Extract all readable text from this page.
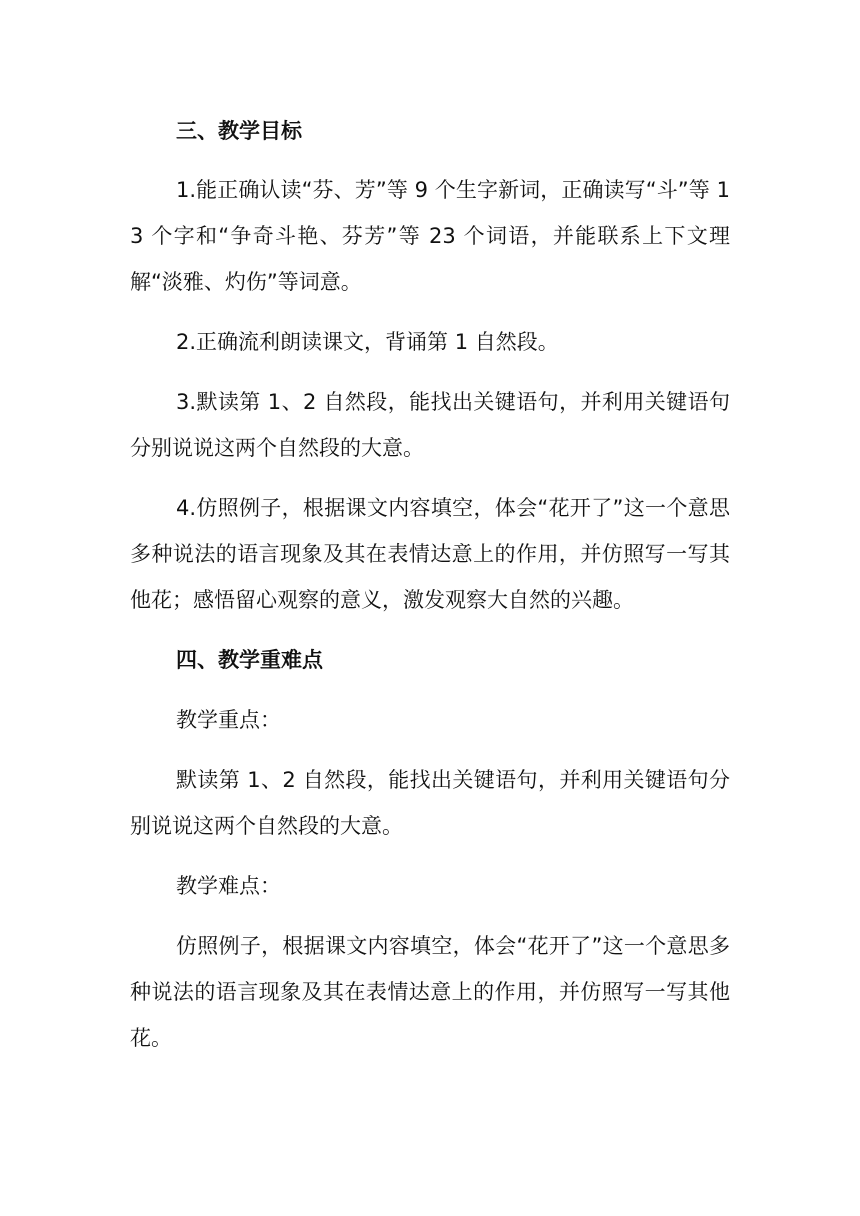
三、教学目标

1.能正确认读“芬、芳”等 9 个生字新词，正确读写“斗”等 13 个字和“争奇斗艳、芬芳”等 23 个词语，并能联系上下文理解“淡雅、灼伤”等词意。

2.正确流利朗读课文，背诵第 1 自然段。

3.默读第 1、2 自然段，能找出关键语句，并利用关键语句分别说说这两个自然段的大意。

4.仿照例子，根据课文内容填空，体会“花开了”这一个意思多种说法的语言现象及其在表情达意上的作用，并仿照写一写其他花；感悟留心观察的意义，激发观察大自然的兴趣。

四、教学重难点

教学重点：

默读第 1、2 自然段，能找出关键语句，并利用关键语句分别说说这两个自然段的大意。

教学难点：

仿照例子，根据课文内容填空，体会“花开了”这一个意思多种说法的语言现象及其在表情达意上的作用，并仿照写一写其他花。
